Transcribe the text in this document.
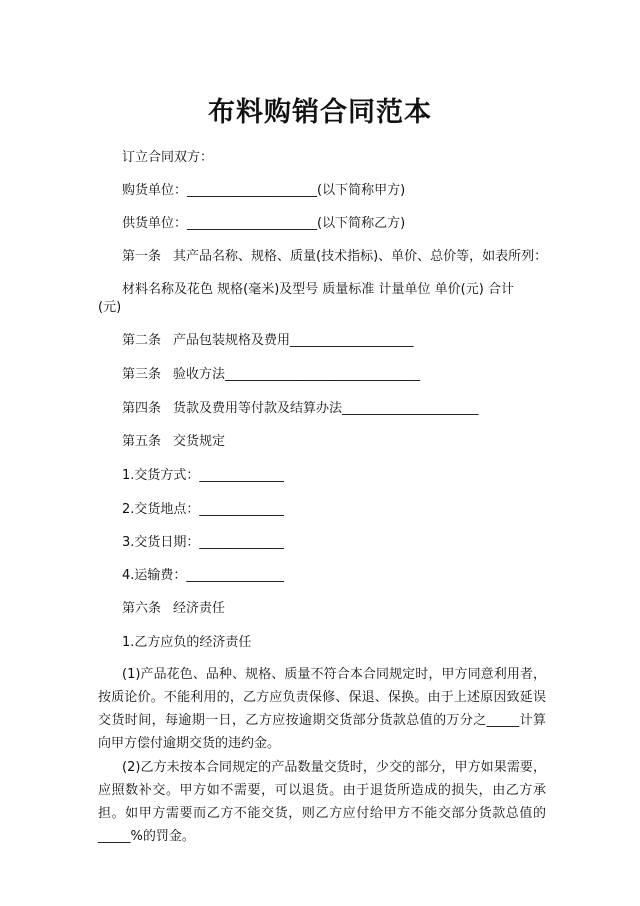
布料购销合同范本
订立合同双方：
购货单位：____________________(以下简称甲方)
供货单位：____________________(以下简称乙方)
第一条 其产品名称、规格、质量(技术指标)、单价、总价等，如表所列：
材料名称及花色 规格(毫米)及型号 质量标准 计量单位 单价(元) 合计
(元)
第二条 产品包装规格及费用___________________
第三条 验收方法______________________________
第四条 货款及费用等付款及结算办法_____________________
第五条 交货规定
1.交货方式：_____________
2.交货地点：_____________
3.交货日期：_____________
4.运输费：_______________
第六条 经济责任
1.乙方应负的经济责任
(1)产品花色、品种、规格、质量不符合本合同规定时，甲方同意利用者，按质论价。不能利用的，乙方应负责保修、保退、保换。由于上述原因致延误交货时间，每逾期一日，乙方应按逾期交货部分货款总值的万分之_____计算向甲方偿付逾期交货的违约金。
(2)乙方未按本合同规定的产品数量交货时，少交的部分，甲方如果需要，应照数补交。甲方如不需要，可以退货。由于退货所造成的损失，由乙方承担。如甲方需要而乙方不能交货，则乙方应付给甲方不能交部分货款总值的_____%的罚金。
